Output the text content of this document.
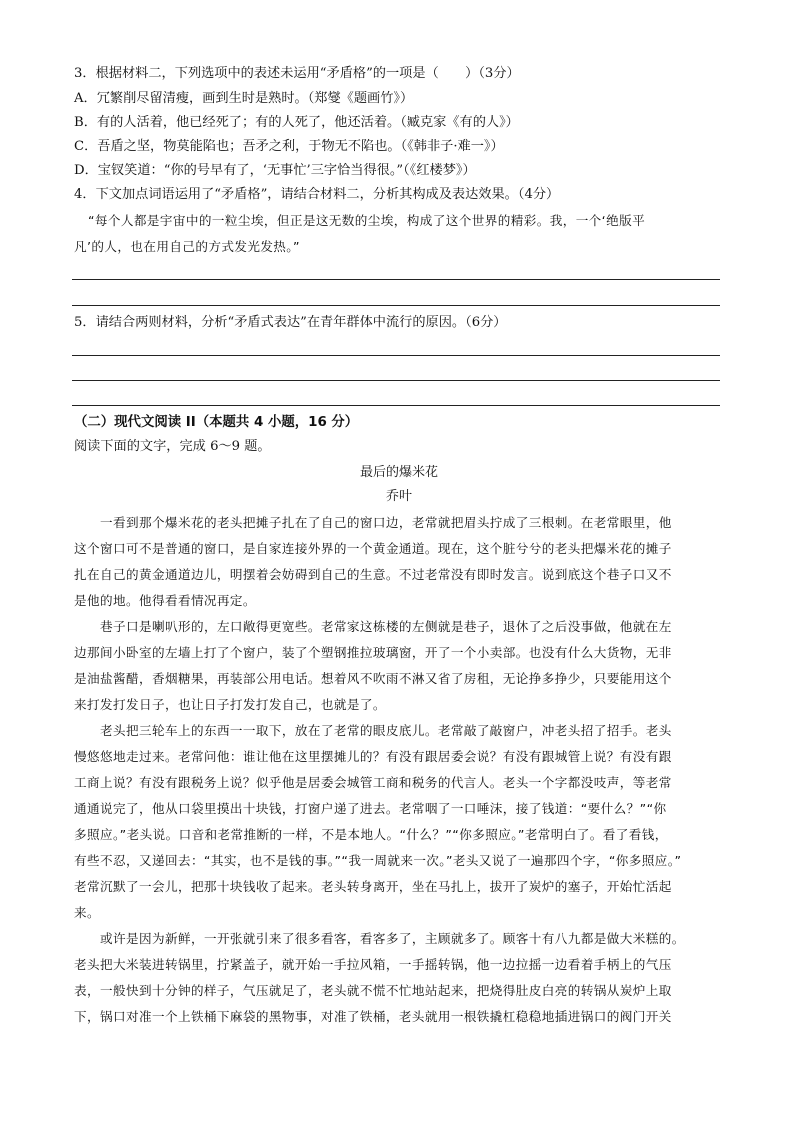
3．根据材料二，下列选项中的表述未运用“矛盾格”的一项是（　　）（3分）
A．冗繁削尽留清瘦，画到生时是熟时。（郑燮《题画竹》）
B．有的人活着，他已经死了；有的人死了，他还活着。（臧克家《有的人》）
C．吾盾之坚，物莫能陷也；吾矛之利，于物无不陷也。（《韩非子·难一》）
D．宝钗笑道：“你的号早有了，‘无事忙’三字恰当得很。”（《红楼梦》）
4．下文加点词语运用了“矛盾格”，请结合材料二，分析其构成及表达效果。（4分）
“每个人都是宇宙中的一粒尘埃，但正是这无数的尘埃，构成了这个世界的精彩。我，一个‘绝版平
凡’的人，也在用自己的方式发光发热。”
5．请结合两则材料，分析“矛盾式表达”在青年群体中流行的原因。（6分）
（二）现代文阅读 II（本题共 4 小题，16 分）
阅读下面的文字，完成 6～9 题。
最后的爆米花
乔叶
一看到那个爆米花的老头把摊子扎在了自己的窗口边，老常就把眉头拧成了三根刺。在老常眼里，他
这个窗口可不是普通的窗口，是自家连接外界的一个黄金通道。现在，这个脏兮兮的老头把爆米花的摊子
扎在自己的黄金通道边儿，明摆着会妨碍到自己的生意。不过老常没有即时发言。说到底这个巷子口又不
是他的地。他得看看情况再定。
巷子口是喇叭形的，左口敞得更宽些。老常家这栋楼的左侧就是巷子，退休了之后没事做，他就在左
边那间小卧室的左墙上打了个窗户，装了个塑钢推拉玻璃窗，开了一个小卖部。也没有什么大货物，无非
是油盐酱醋，香烟糖果，再装部公用电话。想着风不吹雨不淋又省了房租，无论挣多挣少，只要能用这个
来打发打发日子，也让日子打发打发自己，也就是了。
老头把三轮车上的东西一一取下，放在了老常的眼皮底儿。老常敲了敲窗户，冲老头招了招手。老头
慢悠悠地走过来。老常问他：谁让他在这里摆摊儿的？有没有跟居委会说？有没有跟城管上说？有没有跟
工商上说？有没有跟税务上说？似乎他是居委会城管工商和税务的代言人。老头一个字都没吱声，等老常
通通说完了，他从口袋里摸出十块钱，打窗户递了进去。老常咽了一口唾沫，接了钱道：“要什么？”“你
多照应。”老头说。口音和老常推断的一样，不是本地人。“什么？”“你多照应。”老常明白了。看了看钱，
有些不忍，又递回去：“其实，也不是钱的事。”“我一周就来一次。”老头又说了一遍那四个字，“你多照应。”
老常沉默了一会儿，把那十块钱收了起来。老头转身离开，坐在马扎上，拔开了炭炉的塞子，开始忙活起
来。
或许是因为新鲜，一开张就引来了很多看客，看客多了，主顾就多了。顾客十有八九都是做大米糕的。
老头把大米装进转锅里，拧紧盖子，就开始一手拉风箱，一手摇转锅，他一边拉摇一边看着手柄上的气压
表，一般快到十分钟的样子，气压就足了，老头就不慌不忙地站起来，把烧得肚皮白亮的转锅从炭炉上取
下，锅口对准一个上铁桶下麻袋的黑物事，对准了铁桶，老头就用一根铁撬杠稳稳地插进锅口的阀门开关
